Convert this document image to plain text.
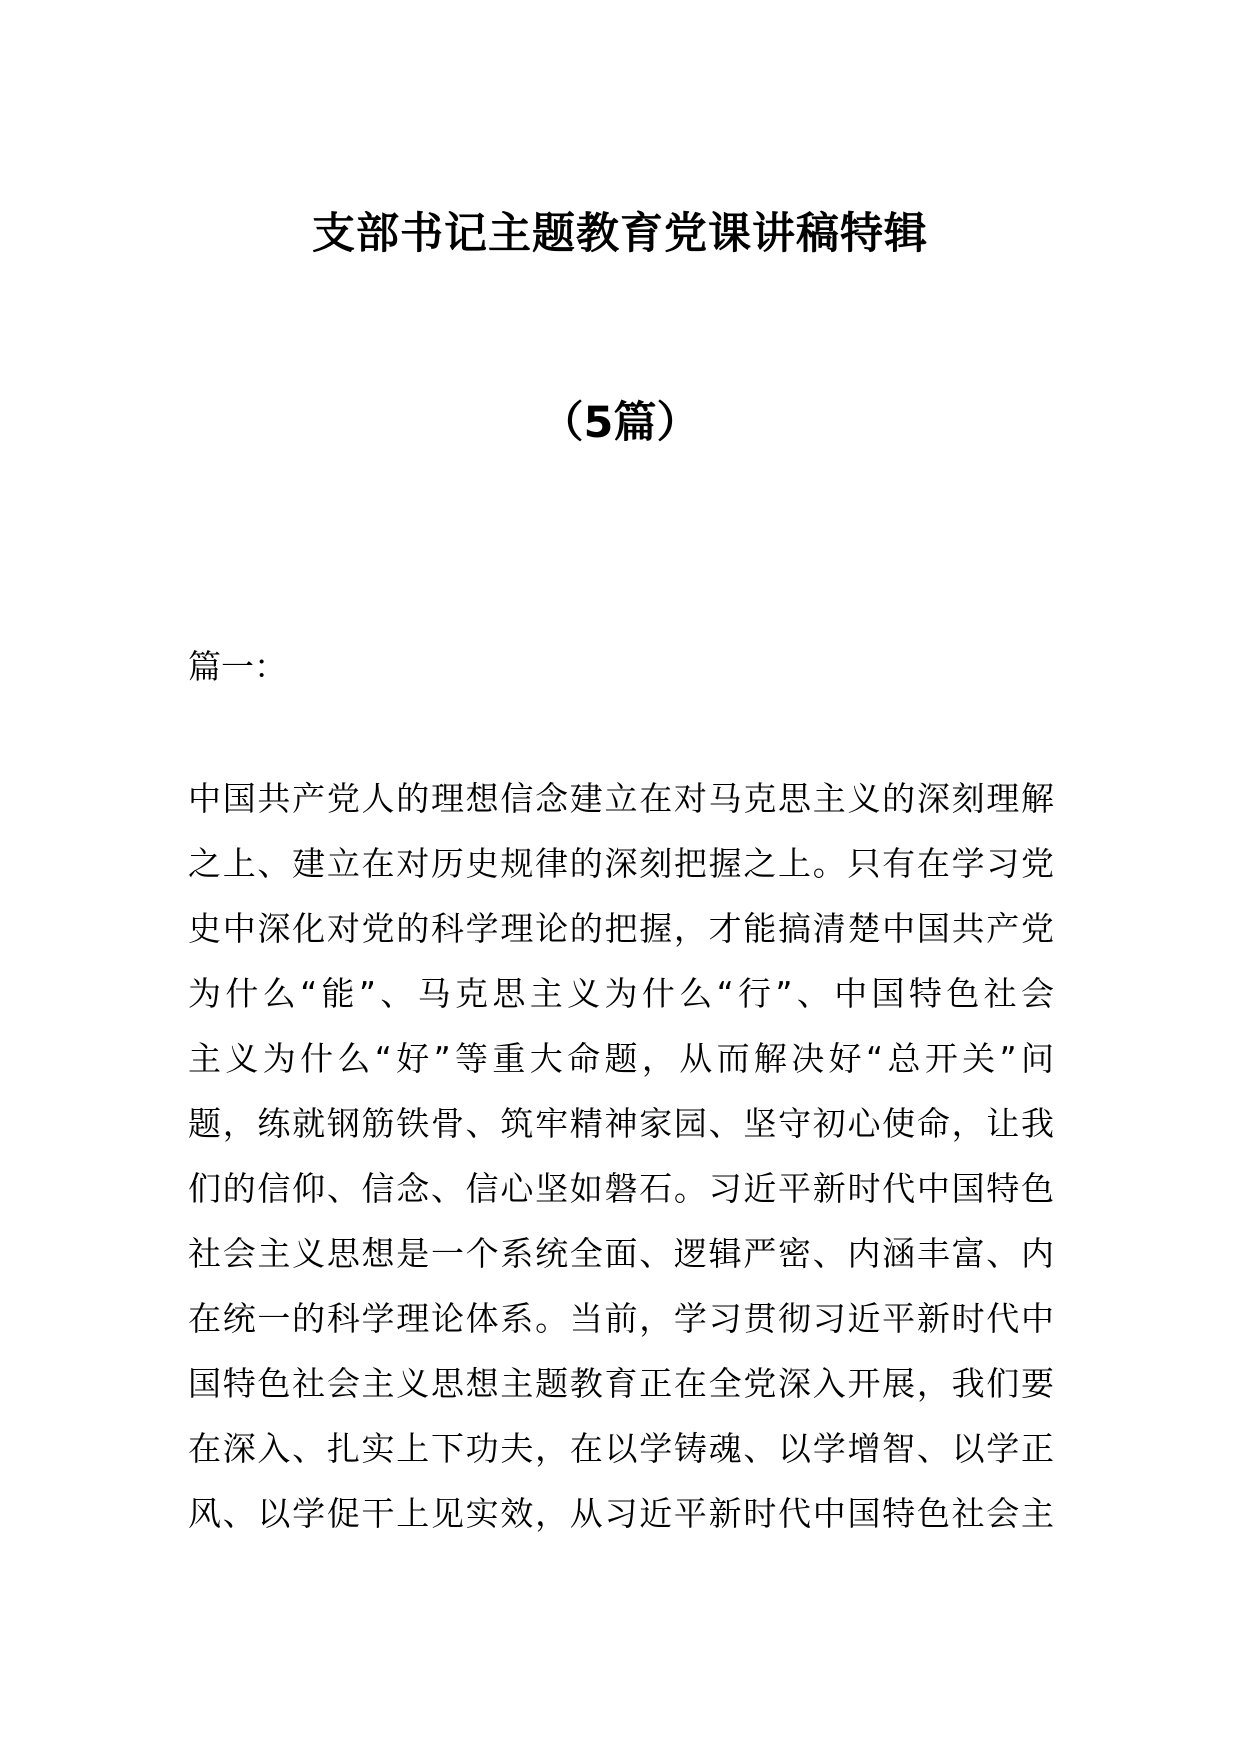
支部书记主题教育党课讲稿特辑
（5篇）

篇一：

中国共产党人的理想信念建立在对马克思主义的深刻理解

之上、建立在对历史规律的深刻把握之上。只有在学习党

史中深化对党的科学理论的把握，才能搞清楚中国共产党

为什么“能”、马克思主义为什么“行”、中国特色社会

主义为什么“好”等重大命题，从而解决好“总开关”问

题，练就钢筋铁骨、筑牢精神家园、坚守初心使命，让我

们的信仰、信念、信心坚如磐石。习近平新时代中国特色

社会主义思想是一个系统全面、逻辑严密、内涵丰富、内

在统一的科学理论体系。当前，学习贯彻习近平新时代中

国特色社会主义思想主题教育正在全党深入开展，我们要

在深入、扎实上下功夫，在以学铸魂、以学增智、以学正

风、以学促干上见实效，从习近平新时代中国特色社会主
